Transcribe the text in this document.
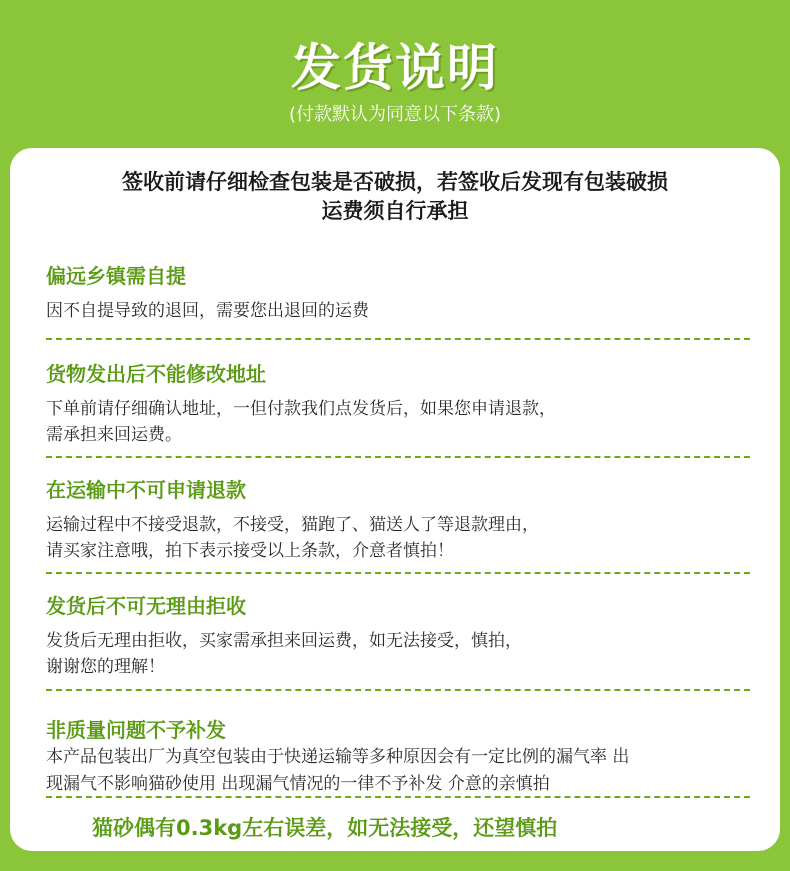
发货说明
(付款默认为同意以下条款)
签收前请仔细检查包装是否破损，若签收后发现有包装破损
运费须自行承担
偏远乡镇需自提
因不自提导致的退回，需要您出退回的运费
货物发出后不能修改地址
下单前请仔细确认地址，一但付款我们点发货后，如果您申请退款，
需承担来回运费。
在运输中不可申请退款
运输过程中不接受退款，不接受，猫跑了、猫送人了等退款理由，
请买家注意哦，拍下表示接受以上条款，介意者慎拍！
发货后不可无理由拒收
发货后无理由拒收，买家需承担来回运费，如无法接受，慎拍，
谢谢您的理解！
非质量问题不予补发
本产品包装出厂为真空包装由于快递运输等多种原因会有一定比例的漏气率 出
现漏气不影响猫砂使用 出现漏气情况的一律不予补发 介意的亲慎拍
猫砂偶有0.3kg左右误差，如无法接受，还望慎拍
